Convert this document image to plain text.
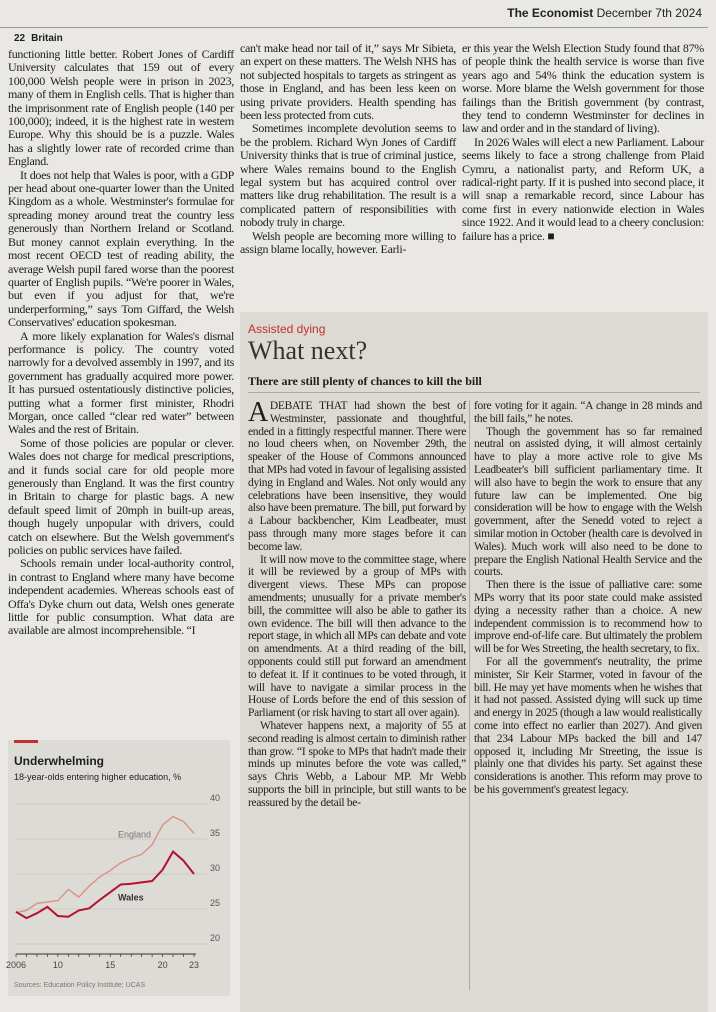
The Economist December 7th 2024
22 Britain

functioning little better. Robert Jones of Cardiff University calculates that 159 out of every 100,000 Welsh people were in prison in 2023, many of them in English cells. That is higher than the imprisonment rate of English people (140 per 100,000); indeed, it is the highest rate in western Europe. Why this should be is a puzzle. Wales has a slightly lower rate of recorded crime than England.

It does not help that Wales is poor, with a GDP per head about one-quarter lower than the United Kingdom as a whole. Westminster's formulae for spreading money around treat the country less generously than Northern Ireland or Scotland. But money cannot explain everything. In the most recent OECD test of reading ability, the average Welsh pupil fared worse than the poorest quarter of English pupils. “We're poorer in Wales, but even if you adjust for that, we're underperforming,” says Tom Giffard, the Welsh Conservatives' education spokesman.

A more likely explanation for Wales's dismal performance is policy. The country voted narrowly for a devolved assembly in 1997, and its government has gradually acquired more power. It has pursued ostentatiously distinctive policies, putting what a former first minister, Rhodri Morgan, once called “clear red water” between Wales and the rest of Britain.

Some of those policies are popular or clever. Wales does not charge for medical prescriptions, and it funds social care for old people more generously than England. It was the first country in Britain to charge for plastic bags. A new default speed limit of 20mph in built-up areas, though hugely unpopular with drivers, could catch on elsewhere. But the Welsh government's policies on public services have failed.

Schools remain under local-authority control, in contrast to England where many have become independent academies. Whereas schools east of Offa's Dyke churn out data, Welsh ones generate little for public consumption. What data are available are almost incomprehensible. “I

can't make head nor tail of it,” says Mr Sibieta, an expert on these matters. The Welsh NHS has not subjected hospitals to targets as stringent as those in England, and has been less keen on using private providers. Health spending has been less protected from cuts.

Sometimes incomplete devolution seems to be the problem. Richard Wyn Jones of Cardiff University thinks that is true of criminal justice, where Wales remains bound to the English legal system but has acquired control over matters like drug rehabilitation. The result is a complicated pattern of responsibilities with nobody truly in charge.

Welsh people are becoming more willing to assign blame locally, however. Earli-

er this year the Welsh Election Study found that 87% of people think the health service is worse than five years ago and 54% think the education system is worse. More blame the Welsh government for those failings than the British government (by contrast, they tend to condemn Westminster for declines in law and order and in the standard of living).

In 2026 Wales will elect a new Parliament. Labour seems likely to face a strong challenge from Plaid Cymru, a nationalist party, and Reform UK, a radical-right party. If it is pushed into second place, it will snap a remarkable record, since Labour has come first in every nationwide election in Wales since 1922. And it would lead to a cheery conclusion: failure has a price. ■

Underwhelming
18-year-olds entering higher education, %
40
35
30
25
20
2006	10	15	20 23
England
Wales
Sources: Education Policy Institute; UCAS
Assisted dying
What next?
There are still plenty of chances to kill the bill

A DEBATE THAT had shown the best of Westminster, passionate and thoughtful, ended in a fittingly respectful manner. There were no loud cheers when, on November 29th, the speaker of the House of Commons announced that MPs had voted in favour of legalising assisted dying in England and Wales. Not only would any celebrations have been insensitive, they would also have been premature. The bill, put forward by a Labour backbencher, Kim Leadbeater, must pass through many more stages before it can become law.

It will now move to the committee stage, where it will be reviewed by a group of MPs with divergent views. These MPs can propose amendments; unusually for a private member's bill, the committee will also be able to gather its own evidence. The bill will then advance to the report stage, in which all MPs can debate and vote on amendments. At a third reading of the bill, opponents could still put forward an amendment to defeat it. If it continues to be voted through, it will have to navigate a similar process in the House of Lords before the end of this session of Parliament (or risk having to start all over again).

Whatever happens next, a majority of 55 at second reading is almost certain to diminish rather than grow. “I spoke to MPs that hadn't made their minds up minutes before the vote was called,” says Chris Webb, a Labour MP. Mr Webb supports the bill in principle, but still wants to be reassured by the detail be-

fore voting for it again. “A change in 28 minds and the bill fails,” he notes.

Though the government has so far remained neutral on assisted dying, it will almost certainly have to play a more active role to give Ms Leadbeater's bill sufficient parliamentary time. It will also have to begin the work to ensure that any future law can be implemented. One big consideration will be how to engage with the Welsh government, after the Senedd voted to reject a similar motion in October (health care is devolved in Wales). Much work will also need to be done to prepare the English National Health Service and the courts.

Then there is the issue of palliative care: some MPs worry that its poor state could make assisted dying a necessity rather than a choice. A new independent commission is to recommend how to improve end-of-life care. But ultimately the problem will be for Wes Streeting, the health secretary, to fix.

For all the government's neutrality, the prime minister, Sir Keir Starmer, voted in favour of the bill. He may yet have moments when he wishes that it had not passed. Assisted dying will suck up time and energy in 2025 (though a law would realistically come into effect no earlier than 2027). And given that 234 Labour MPs backed the bill and 147 opposed it, including Mr Streeting, the issue is plainly one that divides his party. Set against these considerations is another. This reform may prove to be his government's greatest legacy.
